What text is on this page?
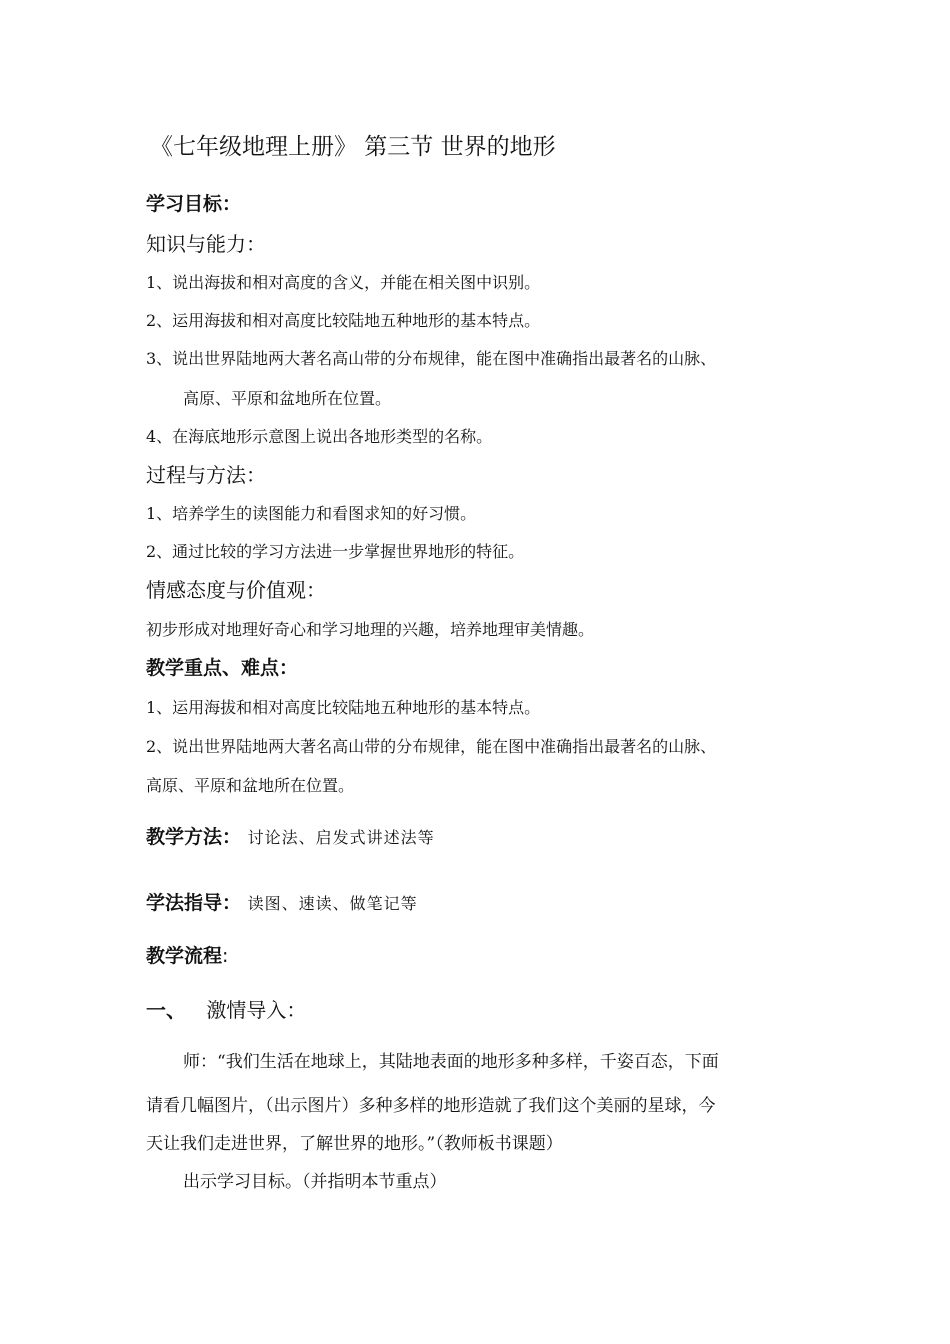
《七年级地理上册》 第三节 世界的地形
学习目标：
知识与能力：
1、说出海拔和相对高度的含义，并能在相关图中识别。
2、运用海拔和相对高度比较陆地五种地形的基本特点。
3、说出世界陆地两大著名高山带的分布规律，能在图中准确指出最著名的山脉、
高原、平原和盆地所在位置。
4、在海底地形示意图上说出各地形类型的名称。
过程与方法：
1、培养学生的读图能力和看图求知的好习惯。
2、通过比较的学习方法进一步掌握世界地形的特征。
情感态度与价值观：
初步形成对地理好奇心和学习地理的兴趣，培养地理审美情趣。
教学重点、难点：
1、运用海拔和相对高度比较陆地五种地形的基本特点。
2、说出世界陆地两大著名高山带的分布规律，能在图中准确指出最著名的山脉、
高原、平原和盆地所在位置。
教学方法： 讨论法、启发式讲述法等
学法指导： 读图、速读、做笔记等
教学流程:
一、 激情导入：
师：“我们生活在地球上，其陆地表面的地形多种多样，千姿百态，下面
请看几幅图片，（出示图片）多种多样的地形造就了我们这个美丽的星球，今
天让我们走进世界，了解世界的地形。”（教师板书课题）
出示学习目标。（并指明本节重点）
